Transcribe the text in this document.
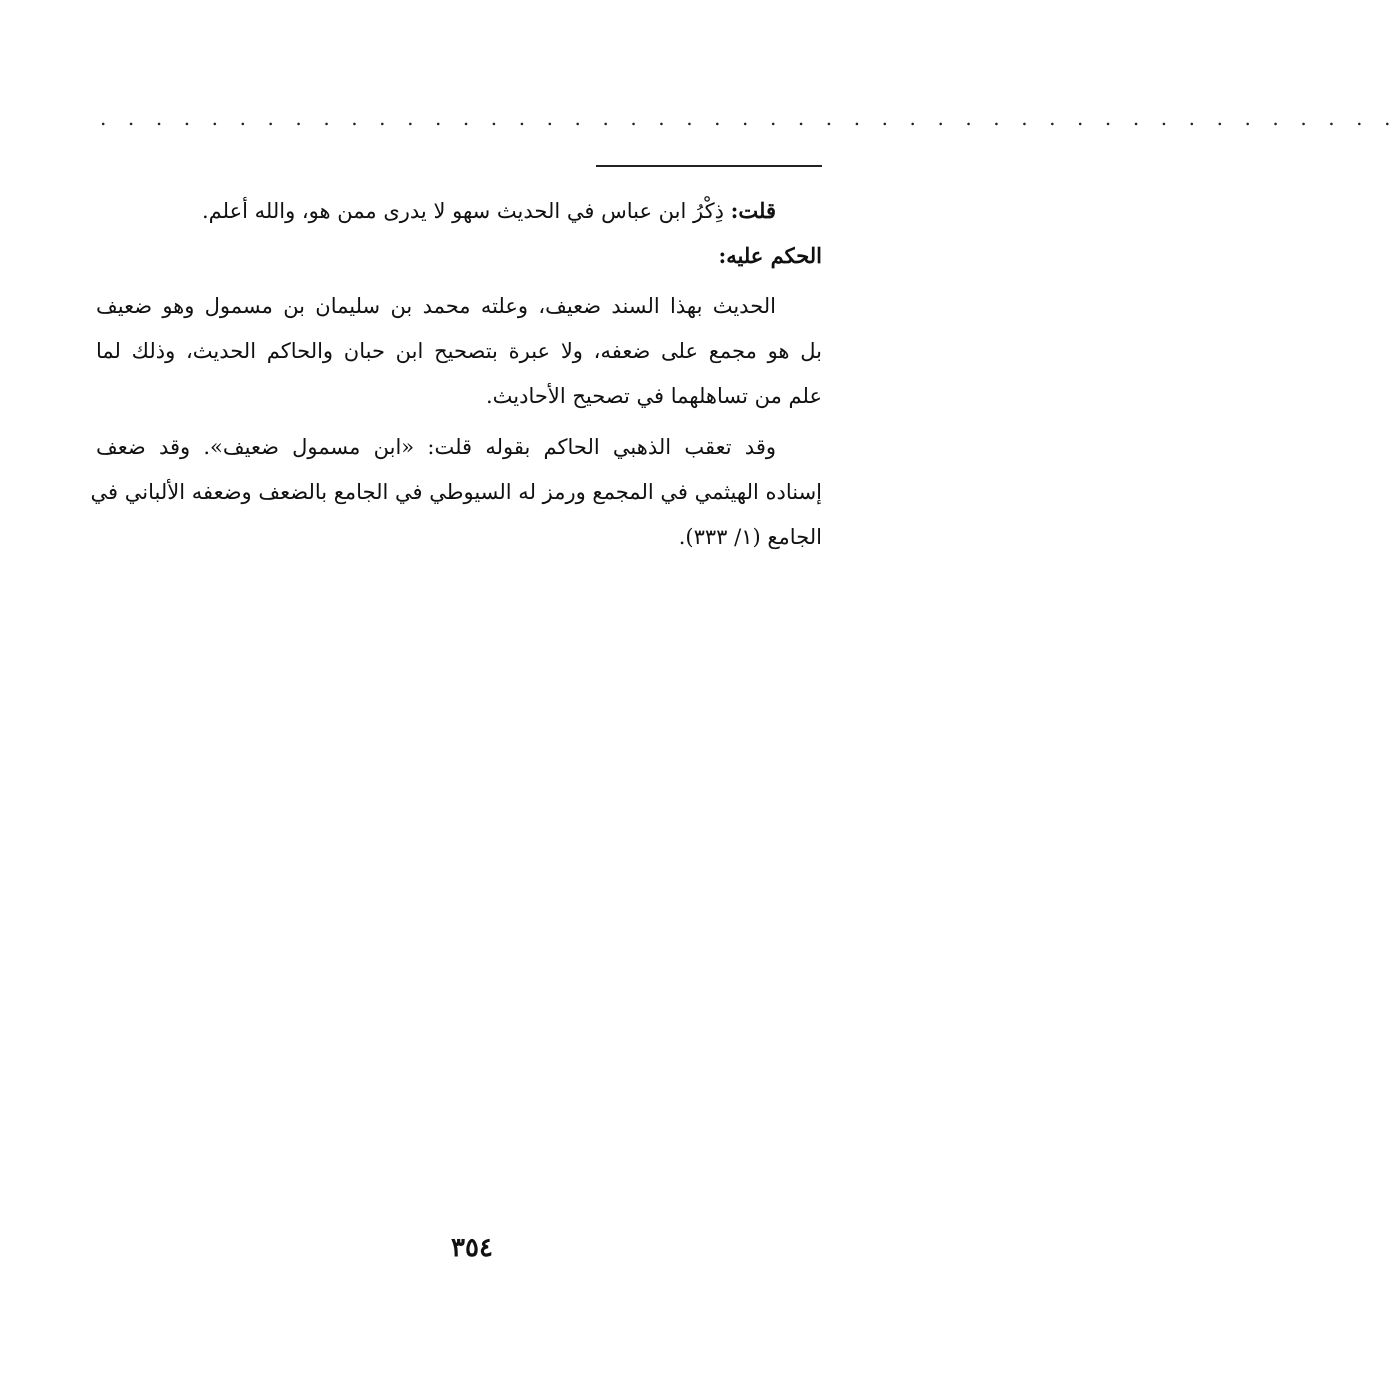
. . . . . . . . . . . . . . . . . . . . . . . . . . . . . . . . . . . . . . . . . . . . . . .
قلت: ذِكْرُ ابن عباس في الحديث سهو لا يدرى ممن هو، والله أعلم.
الحكم عليه:
الحديث بهذا السند ضعيف، وعلته محمد بن سليمان بن مسمول وهو ضعيف
بل هو مجمع على ضعفه، ولا عبرة بتصحيح ابن حبان والحاكم الحديث، وذلك لما
علم من تساهلهما في تصحيح الأحاديث.
وقد تعقب الذهبي الحاكم بقوله قلت: «ابن مسمول ضعيف». وقد ضعف
إسناده الهيثمي في المجمع ورمز له السيوطي في الجامع بالضعف وضعفه الألباني في
الجامع (١/ ٣٣٣).
٣٥٤
